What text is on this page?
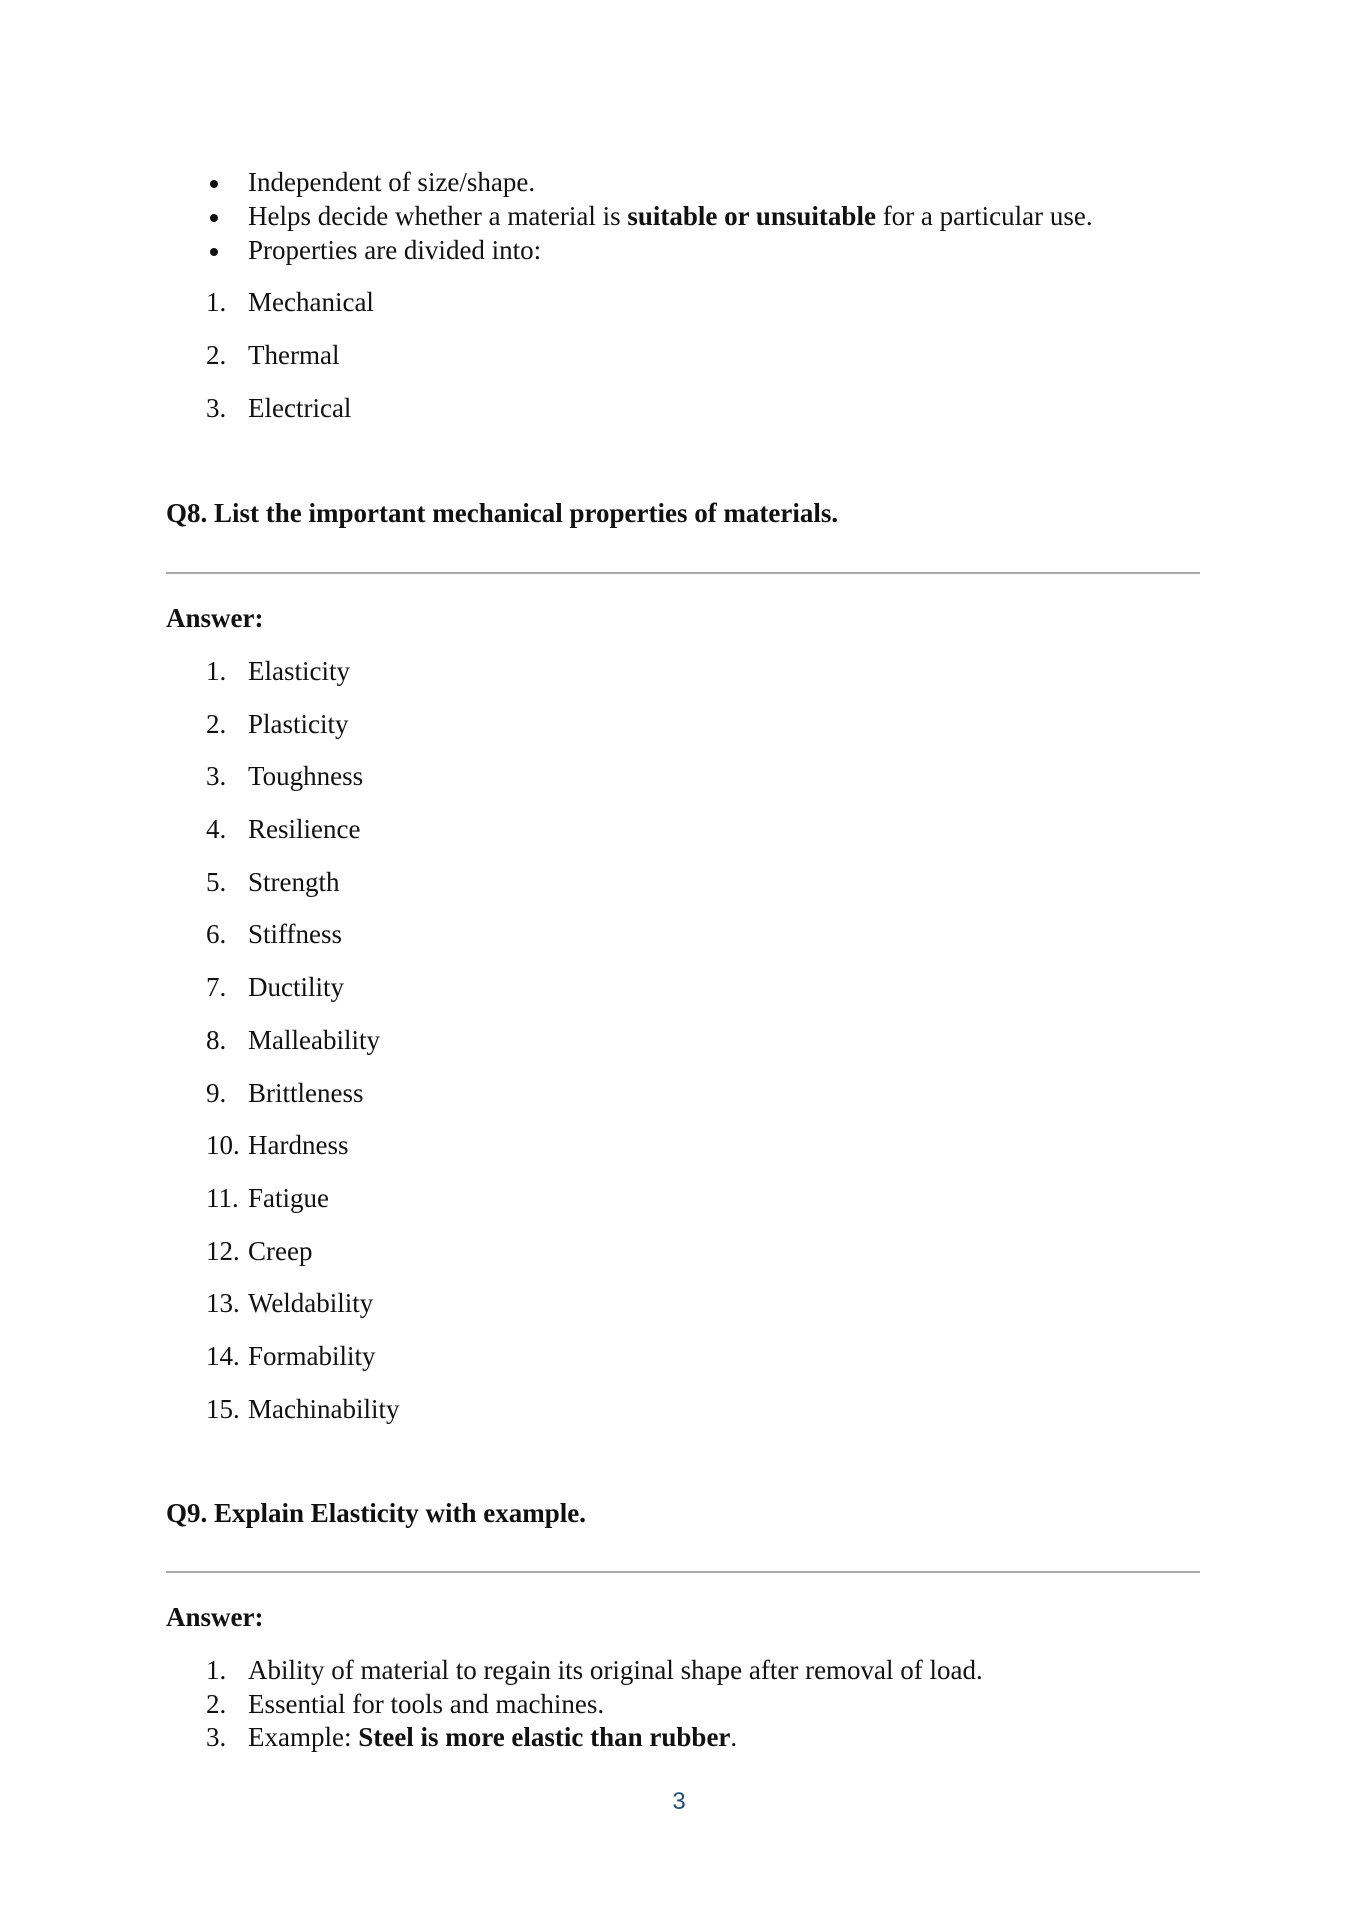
Independent of size/shape.
Helps decide whether a material is suitable or unsuitable for a particular use.
Properties are divided into:
1. Mechanical
2. Thermal
3. Electrical
Q8. List the important mechanical properties of materials.
Answer:
1. Elasticity
2. Plasticity
3. Toughness
4. Resilience
5. Strength
6. Stiffness
7. Ductility
8. Malleability
9. Brittleness
10. Hardness
11. Fatigue
12. Creep
13. Weldability
14. Formability
15. Machinability
Q9. Explain Elasticity with example.
Answer:
1. Ability of material to regain its original shape after removal of load.
2. Essential for tools and machines.
3. Example: Steel is more elastic than rubber.
3
